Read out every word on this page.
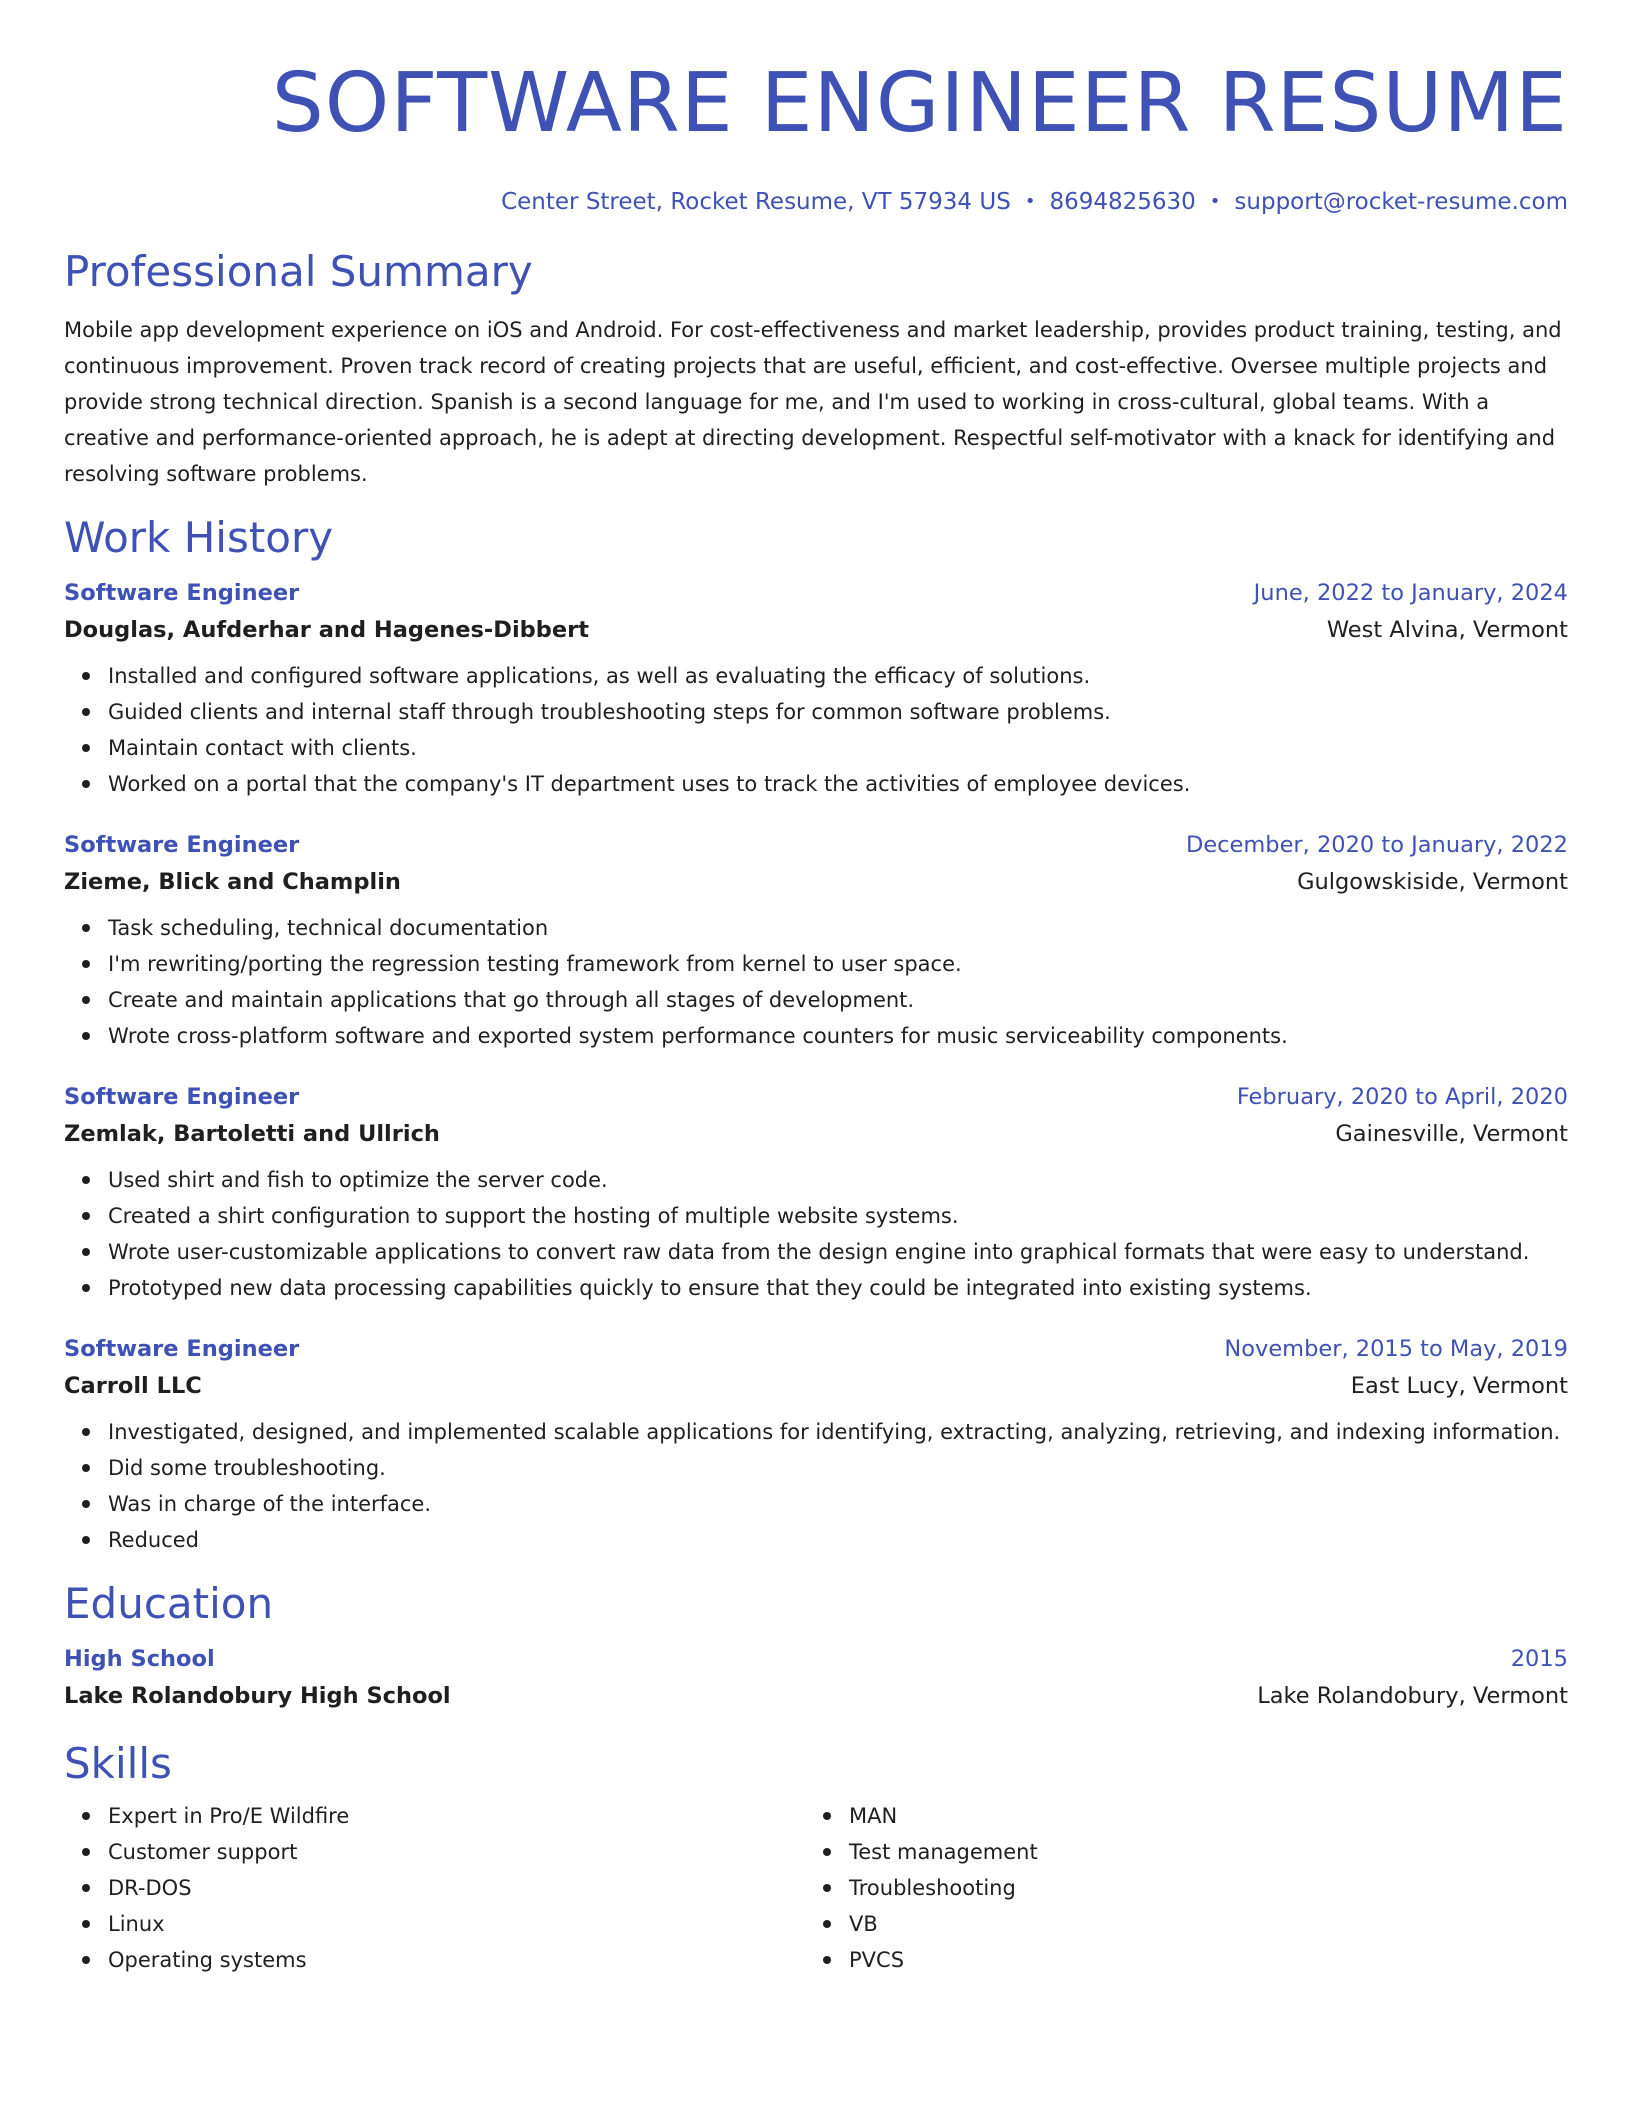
SOFTWARE ENGINEER RESUME
Center Street, Rocket Resume, VT 57934 US • 8694825630 • support@rocket-resume.com
Professional Summary
Mobile app development experience on iOS and Android. For cost-effectiveness and market leadership, provides product training, testing, and continuous improvement. Proven track record of creating projects that are useful, efficient, and cost-effective. Oversee multiple projects and provide strong technical direction. Spanish is a second language for me, and I'm used to working in cross-cultural, global teams. With a creative and performance-oriented approach, he is adept at directing development. Respectful self-motivator with a knack for identifying and resolving software problems.
Work History
Software Engineer	June, 2022 to January, 2024
Douglas, Aufderhar and Hagenes-Dibbert	West Alvina, Vermont
Installed and configured software applications, as well as evaluating the efficacy of solutions.
Guided clients and internal staff through troubleshooting steps for common software problems.
Maintain contact with clients.
Worked on a portal that the company's IT department uses to track the activities of employee devices.
Software Engineer	December, 2020 to January, 2022
Zieme, Blick and Champlin	Gulgowskiside, Vermont
Task scheduling, technical documentation
I'm rewriting/porting the regression testing framework from kernel to user space.
Create and maintain applications that go through all stages of development.
Wrote cross-platform software and exported system performance counters for music serviceability components.
Software Engineer	February, 2020 to April, 2020
Zemlak, Bartoletti and Ullrich	Gainesville, Vermont
Used shirt and fish to optimize the server code.
Created a shirt configuration to support the hosting of multiple website systems.
Wrote user-customizable applications to convert raw data from the design engine into graphical formats that were easy to understand.
Prototyped new data processing capabilities quickly to ensure that they could be integrated into existing systems.
Software Engineer	November, 2015 to May, 2019
Carroll LLC	East Lucy, Vermont
Investigated, designed, and implemented scalable applications for identifying, extracting, analyzing, retrieving, and indexing information.
Did some troubleshooting.
Was in charge of the interface.
Reduced
Education
High School	2015
Lake Rolandobury High School	Lake Rolandobury, Vermont
Skills
Expert in Pro/E Wildfire
Customer support
DR-DOS
Linux
Operating systems
MAN
Test management
Troubleshooting
VB
PVCS
